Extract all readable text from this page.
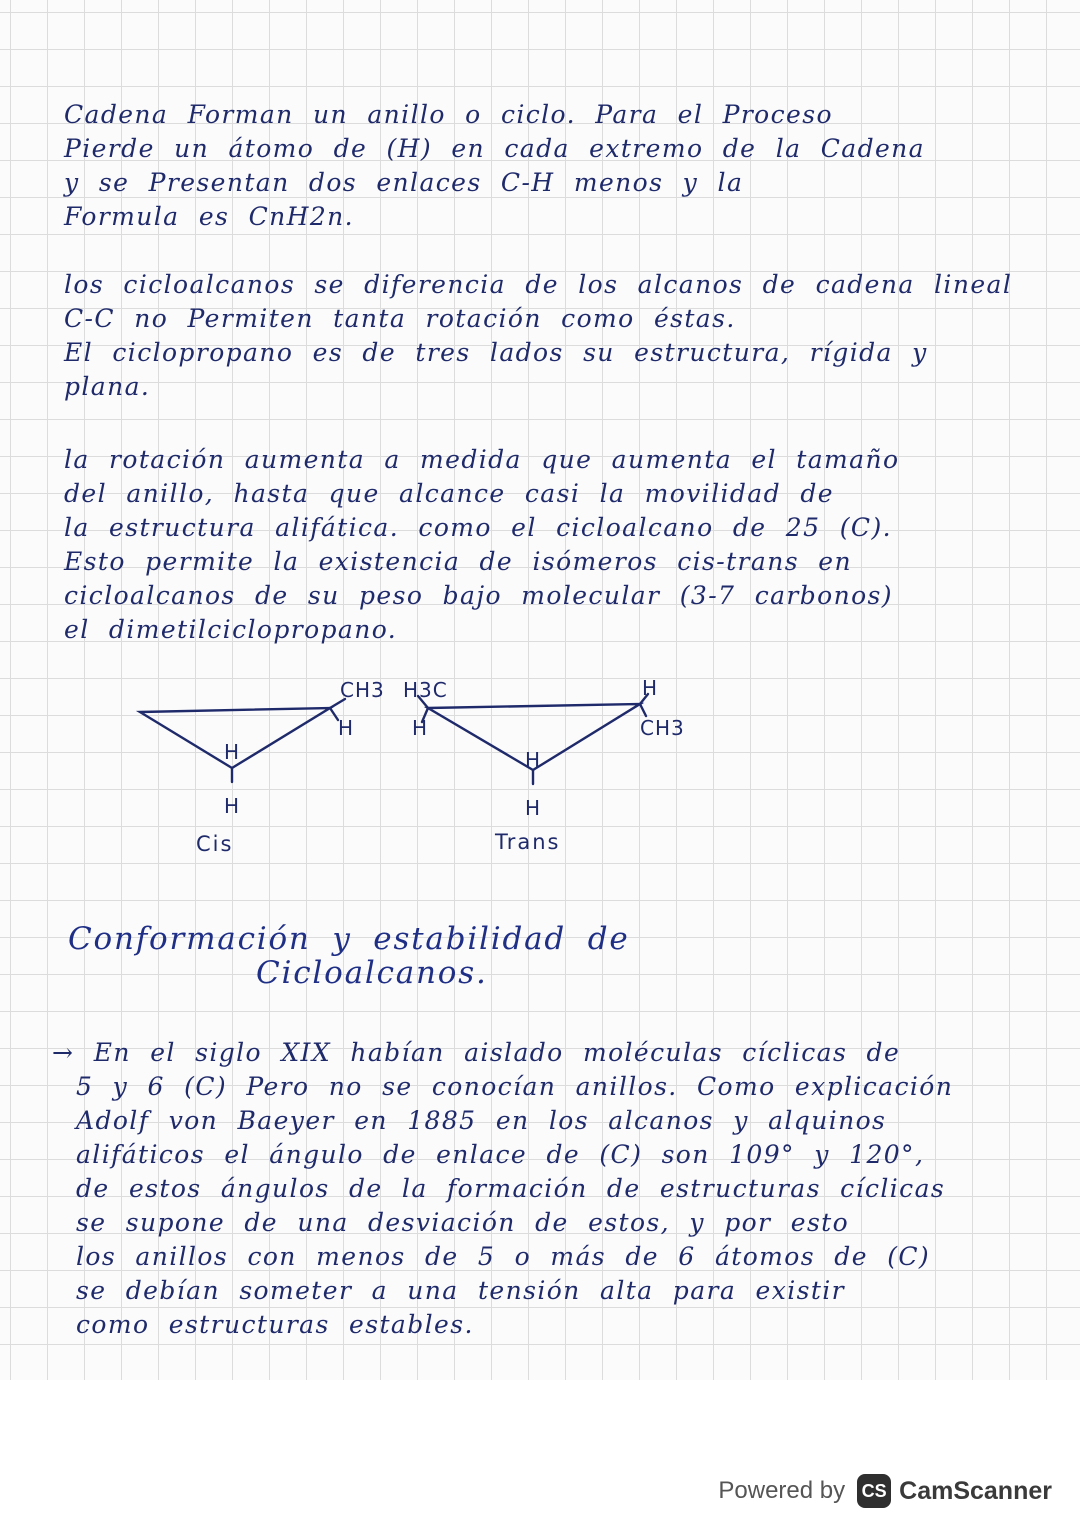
Cadena Forman un anillo o ciclo. Para el Proceso
Pierde un átomo de (H) en cada extremo de la Cadena
y se Presentan dos enlaces C-H menos y la
Formula es CnH2n.
los cicloalcanos se diferencia de los alcanos de cadena lineal
C-C no Permiten tanta rotación como éstas.
El ciclopropano es de tres lados su estructura, rígida y
plana.
la rotación aumenta a medida que aumenta el tamaño
del anillo, hasta que alcance casi la movilidad de
la estructura alifática. como el cicloalcano de 25 (C).
Esto permite la existencia de isómeros cis-trans en
cicloalcanos de su peso bajo molecular (3-7 carbonos)
el dimetilciclopropano.
CH3
H
H
H
Cis
H3C
H
H
CH3
H
H
Trans
Conformación y estabilidad de
Cicloalcanos.
→ En el siglo XIX habían aislado moléculas cíclicas de
5 y 6 (C) Pero no se conocían anillos. Como explicación
Adolf von Baeyer en 1885 en los alcanos y alquinos
alifáticos el ángulo de enlace de (C) son 109° y 120°,
de estos ángulos de la formación de estructuras cíclicas
se supone de una desviación de estos, y por esto
los anillos con menos de 5 o más de 6 átomos de (C)
se debían someter a una tensión alta para existir
como estructuras estables.
Powered by CS CamScanner
